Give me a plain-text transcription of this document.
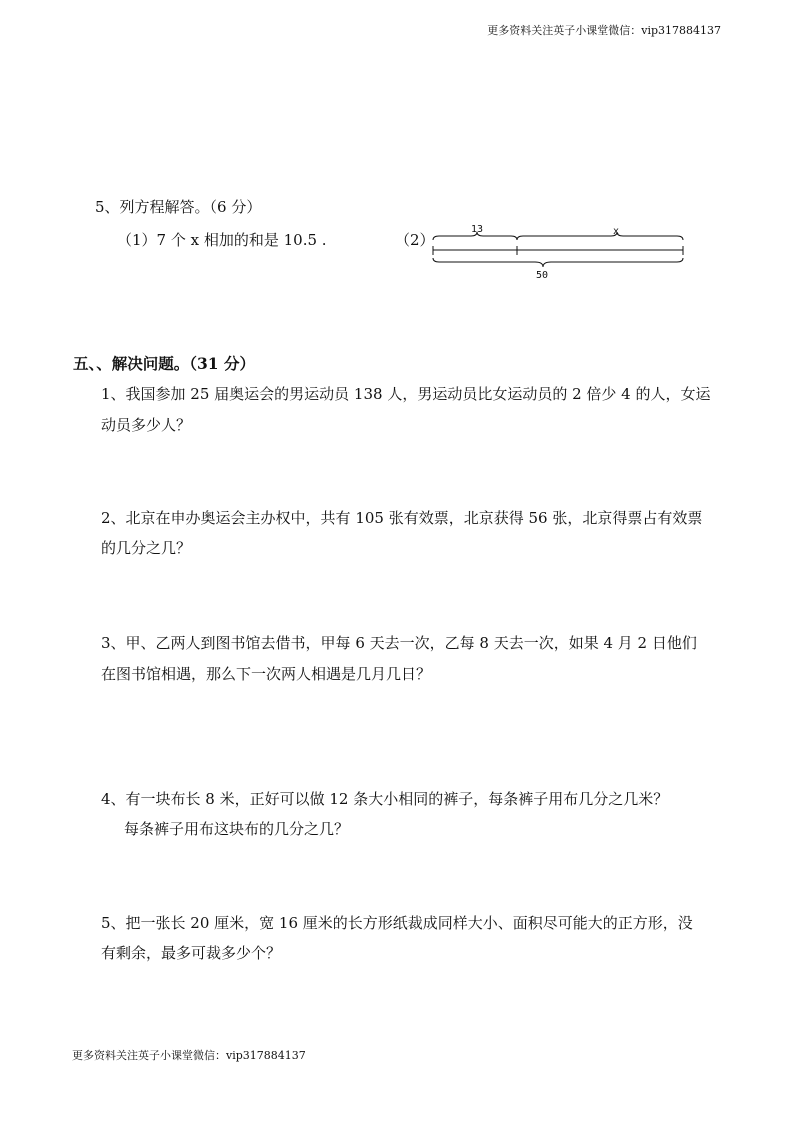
更多资料关注英子小课堂微信：vip317884137
5、列方程解答。（6 分）
（1）7 个 x 相加的和是 10.5 .	（2）
13	x
50
五、、解决问题。（31 分）
1、我国参加 25 届奥运会的男运动员 138 人，男运动员比女运动员的 2 倍少 4 的人，女运
动员多少人？
2、北京在申办奥运会主办权中，共有 105 张有效票，北京获得 56 张，北京得票占有效票
的几分之几？
3、甲、乙两人到图书馆去借书，甲每 6 天去一次，乙每 8 天去一次，如果 4 月 2 日他们
在图书馆相遇，那么下一次两人相遇是几月几日？
4、有一块布长 8 米，正好可以做 12 条大小相同的裤子，每条裤子用布几分之几米？
每条裤子用布这块布的几分之几？
5、把一张长 20 厘米，宽 16 厘米的长方形纸裁成同样大小、面积尽可能大的正方形，没
有剩余，最多可裁多少个？
更多资料关注英子小课堂微信：vip317884137
